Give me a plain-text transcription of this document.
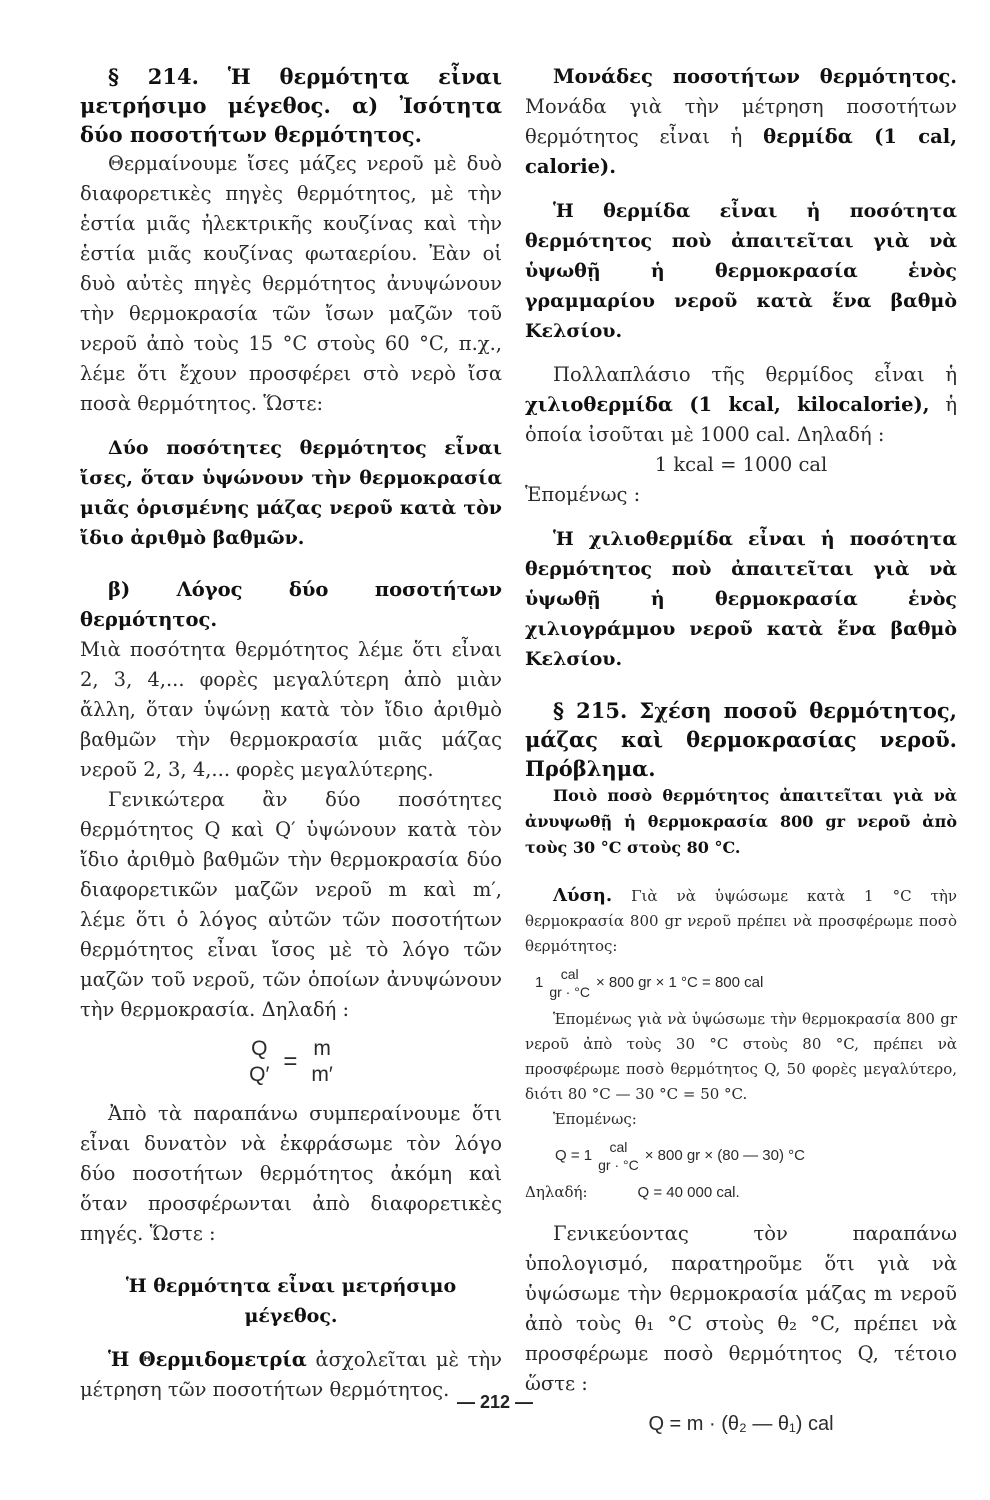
§ 214. Ἡ θερμότητα εἶναι μετρήσιμο μέγεθος. α) Ἰσότητα δύο ποσοτήτων θερμότητος.

Θερμαίνουμε ἴσες μάζες νεροῦ μὲ δυὸ διαφορετικὲς πηγὲς θερμότητος, μὲ τὴν ἑστία μιᾶς ἠλεκτρικῆς κουζίνας καὶ τὴν ἑστία μιᾶς κουζίνας φωταερίου. Ἐὰν οἱ δυὸ αὐτὲς πηγὲς θερμότητος ἀνυψώνουν τὴν θερμοκρασία τῶν ἴσων μαζῶν τοῦ νεροῦ ἀπὸ τοὺς 15 °C στοὺς 60 °C, π.χ., λέμε ὅτι ἔχουν προσφέρει στὸ νερὸ ἴσα ποσὰ θερμότητος. Ὥστε:

Δύο ποσότητες θερμότητος εἶναι ἴσες, ὅταν ὑψώνουν τὴν θερμοκρασία μιᾶς ὁρισμένης μάζας νεροῦ κατὰ τὸν ἴδιο ἀριθμὸ βαθμῶν.

β) Λόγος δύο ποσοτήτων θερμότητος.

Μιὰ ποσότητα θερμότητος λέμε ὅτι εἶναι 2, 3, 4,... φορὲς μεγαλύτερη ἀπὸ μιὰν ἄλλη, ὅταν ὑψώνῃ κατὰ τὸν ἴδιο ἀριθμὸ βαθμῶν τὴν θερμοκρασία μιᾶς μάζας νεροῦ 2, 3, 4,... φορὲς μεγαλύτερης.

Γενικώτερα ἂν δύο ποσότητες θερμότητος Q καὶ Q′ ὑψώνουν κατὰ τὸν ἴδιο ἀριθμὸ βαθμῶν τὴν θερμοκρασία δύο διαφορετικῶν μαζῶν νεροῦ m καὶ m′, λέμε ὅτι ὁ λόγος αὐτῶν τῶν ποσοτήτων θερμότητος εἶναι ἴσος μὲ τὸ λόγο τῶν μαζῶν τοῦ νεροῦ, τῶν ὁποίων ἀνυψώνουν τὴν θερμοκρασία. Δηλαδή :

Q
Q′ = m
m′

Ἀπὸ τὰ παραπάνω συμπεραίνουμε ὅτι εἶναι δυνατὸν νὰ ἐκφράσωμε τὸν λόγο δύο ποσοτήτων θερμότητος ἀκόμη καὶ ὅταν προσφέρωνται ἀπὸ διαφορετικὲς πηγές. Ὥστε :

Ἡ θερμότητα εἶναι μετρήσιμο μέγεθος.

Ἡ Θερμιδομετρία ἀσχολεῖται μὲ τὴν μέτρηση τῶν ποσοτήτων θερμότητος.

Μονάδες ποσοτήτων θερμότητος. Μονάδα γιὰ τὴν μέτρηση ποσοτήτων θερμότητος εἶναι ἡ θερμίδα (1 cal, calorie).

Ἡ θερμίδα εἶναι ἡ ποσότητα θερμότητος ποὺ ἀπαιτεῖται γιὰ νὰ ὑψωθῇ ἡ θερμοκρασία ἑνὸς γραμμαρίου νεροῦ κατὰ ἕνα βαθμὸ Κελσίου.

Πολλαπλάσιο τῆς θερμίδος εἶναι ἡ χιλιοθερμίδα (1 kcal, kilocalorie), ἡ ὁποία ἰσοῦται μὲ 1000 cal. Δηλαδή :

1 kcal = 1000 cal

Ἑπομένως :

Ἡ χιλιοθερμίδα εἶναι ἡ ποσότητα θερμότητος ποὺ ἀπαιτεῖται γιὰ νὰ ὑψωθῇ ἡ θερμοκρασία ἑνὸς χιλιογράμμου νεροῦ κατὰ ἕνα βαθμὸ Κελσίου.

§ 215. Σχέση ποσοῦ θερμότητος, μάζας καὶ θερμοκρασίας νεροῦ. Πρόβλημα.

Ποιὸ ποσὸ θερμότητος ἀπαιτεῖται γιὰ νὰ ἀνυψωθῇ ἡ θερμοκρασία 800 gr νεροῦ ἀπὸ τοὺς 30 °C στοὺς 80 °C.

Λύση. Γιὰ νὰ ὑψώσωμε κατὰ 1 °C τὴν θερμοκρασία 800 gr νεροῦ πρέπει νὰ προσφέρωμε ποσὸ θερμότητος:

1 cal
gr · °C
× 800 gr × 1 °C = 800 cal

Ἑπομένως γιὰ νὰ ὑψώσωμε τὴν θερμοκρασία 800 gr νεροῦ ἀπὸ τοὺς 30 °C στοὺς 80 °C, πρέπει νὰ προσφέρωμε ποσὸ θερμότητος Q, 50 φορὲς μεγαλύτερο, διότι 80 °C — 30 °C = 50 °C.

Ἑπομένως:

Q = 1 cal
gr · °C
× 800 gr × (80 — 30) °C

Δηλαδή:	Q = 40 000 cal.

Γενικεύοντας τὸν παραπάνω ὑπολογισμό, παρατηροῦμε ὅτι γιὰ νὰ ὑψώσωμε τὴν θερμοκρασία μάζας m νεροῦ ἀπὸ τοὺς θ₁ °C στοὺς θ₂ °C, πρέπει νὰ προσφέρωμε ποσὸ θερμότητος Q, τέτοιο ὥστε :

Q = m · (θ₂ — θ₁) cal

— 212 —
